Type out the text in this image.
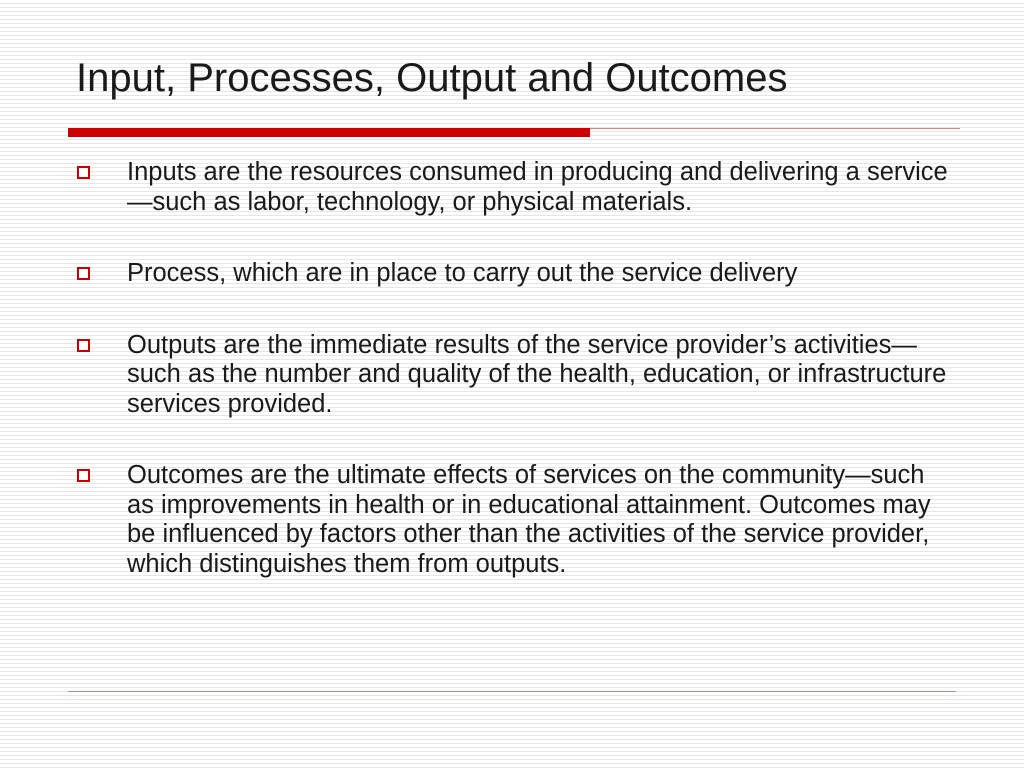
Input, Processes, Output and Outcomes
Inputs are the resources consumed in producing and delivering a service—such as labor, technology, or physical materials.
Process, which are in place to carry out the service delivery
Outputs are the immediate results of the service provider’s activities—such as the number and quality of the health, education, or infrastructure services provided.
Outcomes are the ultimate effects of services on the community—such as improvements in health or in educational attainment. Outcomes may be influenced by factors other than the activities of the service provider, which distinguishes them from outputs.
